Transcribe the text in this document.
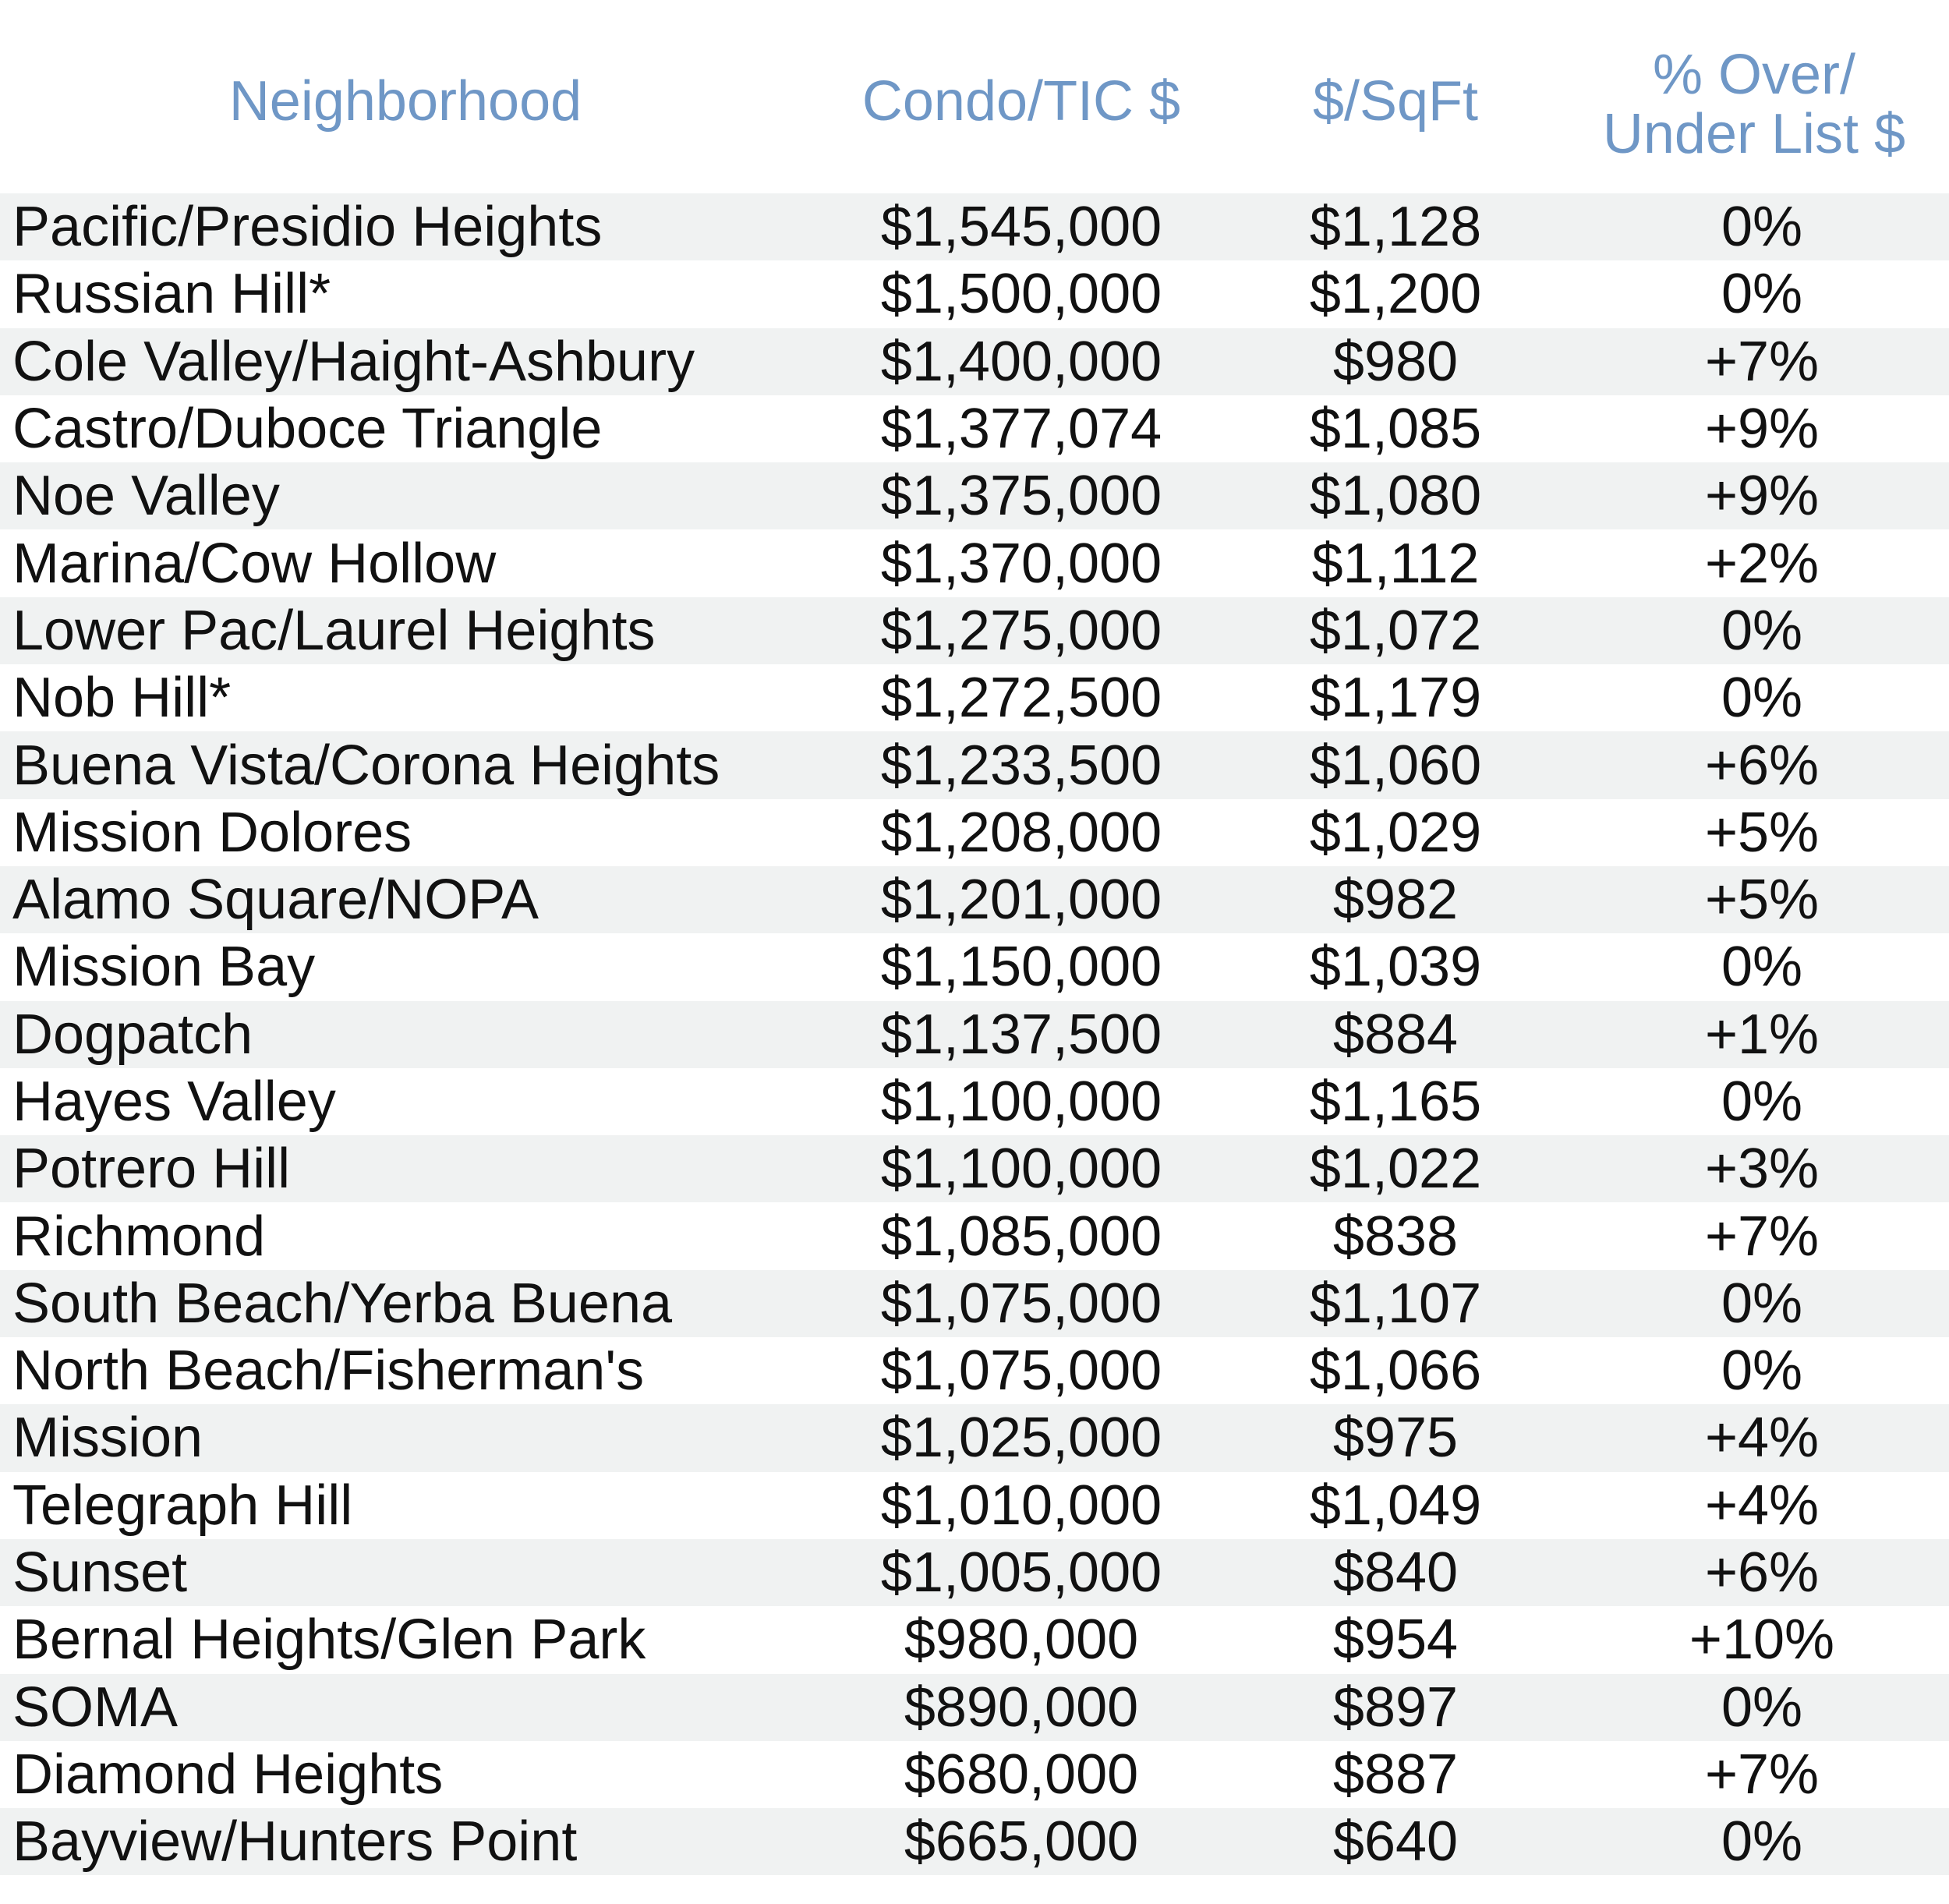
Neighborhood	Condo/TIC $	$/SqFt	% Over/
Under List $
Pacific/Presidio Heights	$1,545,000	$1,128	0%
Russian Hill*	$1,500,000	$1,200	0%
Cole Valley/Haight-Ashbury	$1,400,000	$980	+7%
Castro/Duboce Triangle	$1,377,074	$1,085	+9%
Noe Valley	$1,375,000	$1,080	+9%
Marina/Cow Hollow	$1,370,000	$1,112	+2%
Lower Pac/Laurel Heights	$1,275,000	$1,072	0%
Nob Hill*	$1,272,500	$1,179	0%
Buena Vista/Corona Heights	$1,233,500	$1,060	+6%
Mission Dolores	$1,208,000	$1,029	+5%
Alamo Square/NOPA	$1,201,000	$982	+5%
Mission Bay	$1,150,000	$1,039	0%
Dogpatch	$1,137,500	$884	+1%
Hayes Valley	$1,100,000	$1,165	0%
Potrero Hill	$1,100,000	$1,022	+3%
Richmond	$1,085,000	$838	+7%
South Beach/Yerba Buena	$1,075,000	$1,107	0%
North Beach/Fisherman's	$1,075,000	$1,066	0%
Mission	$1,025,000	$975	+4%
Telegraph Hill	$1,010,000	$1,049	+4%
Sunset	$1,005,000	$840	+6%
Bernal Heights/Glen Park	$980,000	$954	+10%
SOMA	$890,000	$897	0%
Diamond Heights	$680,000	$887	+7%
Bayview/Hunters Point	$665,000	$640	0%
